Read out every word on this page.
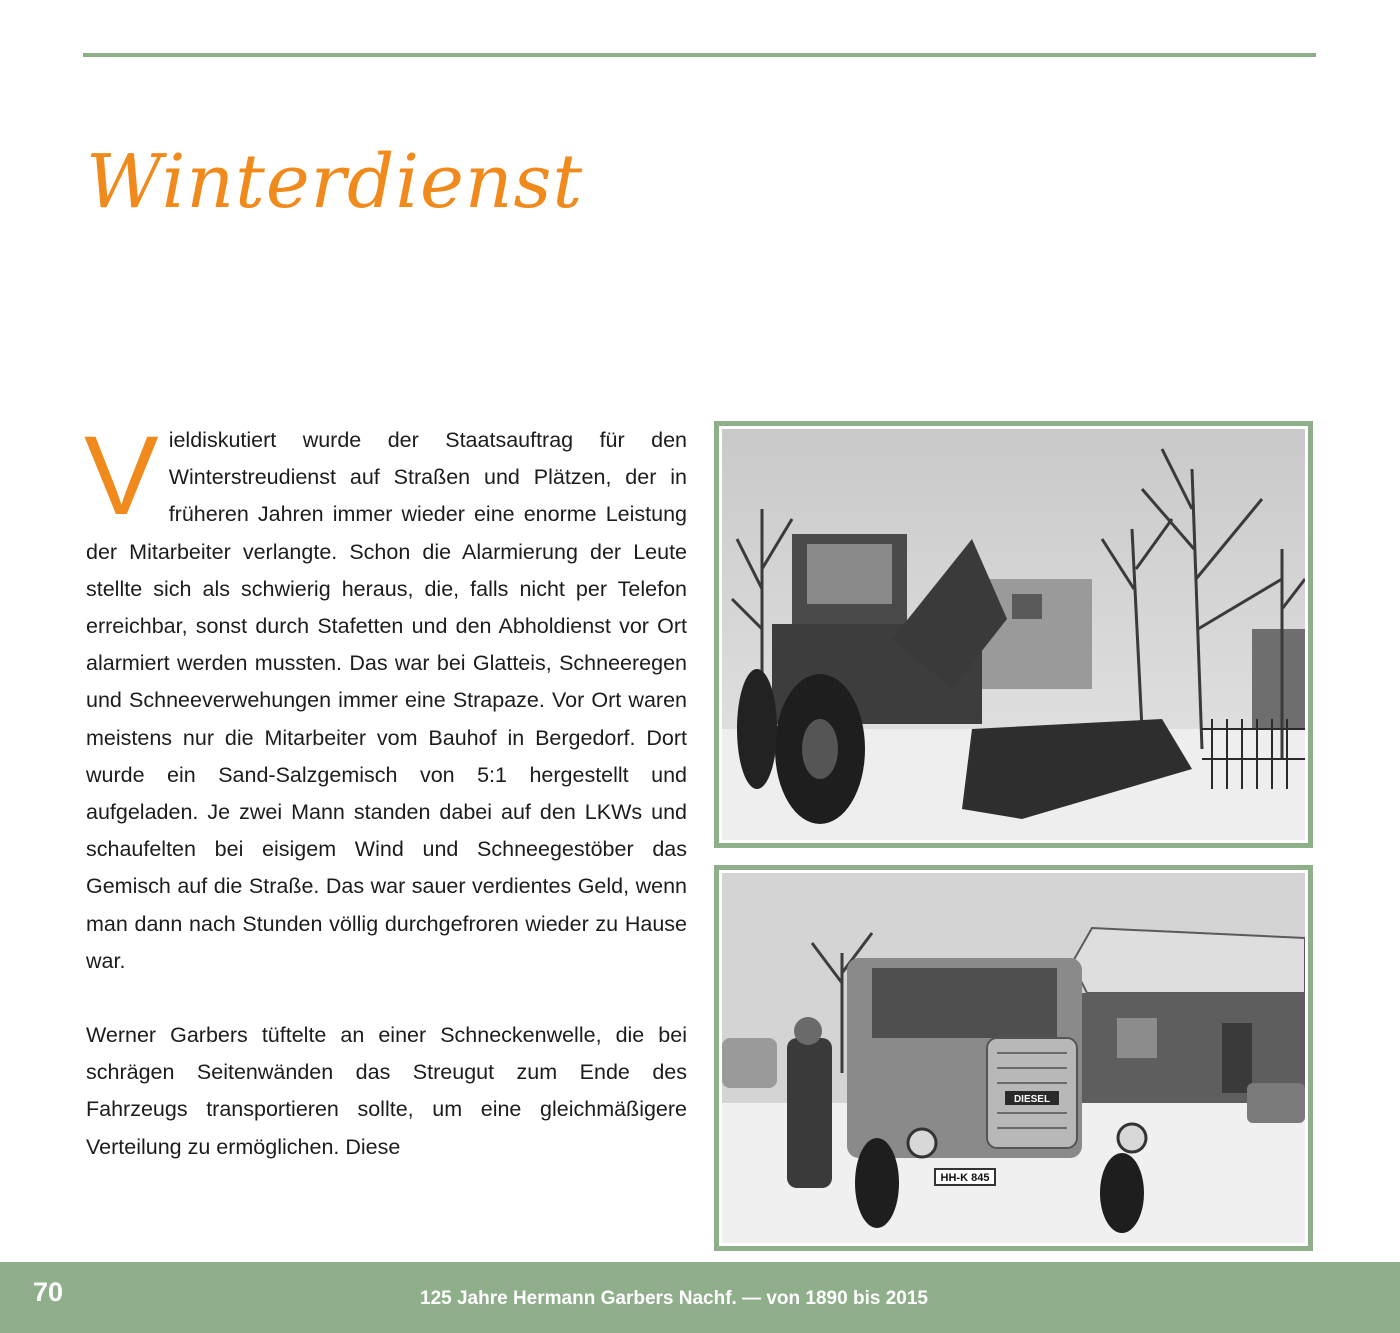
Winterdienst

Vieldiskutiert wurde der Staatsauftrag für den Winterstreudienst auf Straßen und Plätzen, der in früheren Jahren immer wieder eine enorme Leistung der Mitarbeiter verlangte. Schon die Alarmierung der Leute stellte sich als schwierig heraus, die, falls nicht per Telefon erreichbar, sonst durch Stafetten und den Abholdienst vor Ort alarmiert werden mussten. Das war bei Glatteis, Schneeregen und Schneeverwehungen immer eine Strapaze. Vor Ort waren meistens nur die Mitarbeiter vom Bauhof in Bergedorf. Dort wurde ein Sand-Salzgemisch von 5:1 hergestellt und aufgeladen. Je zwei Mann standen dabei auf den LKWs und schaufelten bei eisigem Wind und Schneegestöber das Gemisch auf die Straße. Das war sauer verdientes Geld, wenn man dann nach Stunden völlig durchgefroren wieder zu Hause war.

Werner Garbers tüftelte an einer Schneckenwelle, die bei schrägen Seitenwänden das Streugut zum Ende des Fahrzeugs transportieren sollte, um eine gleichmäßigere Verteilung zu ermöglichen. Diese

DIESEL
HH-K 845
70	125 Jahre Hermann Garbers Nachf. — von 1890 bis 2015
